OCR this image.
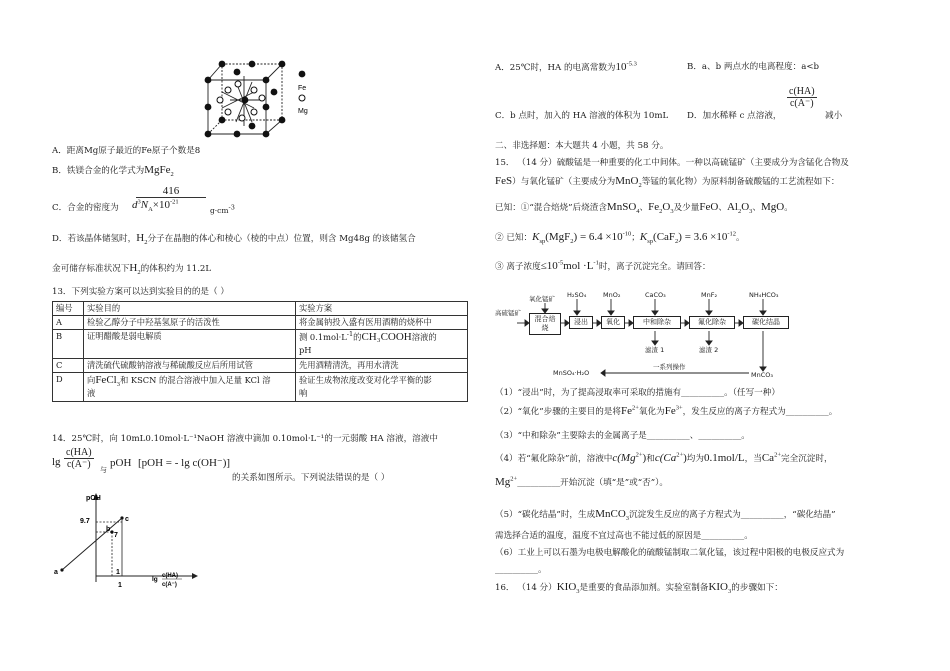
Fe
Mg
A．距离Mg原子最近的Fe原子个数是8
B．铁镁合金的化学式为MgFe$_2$
C．合金的密度为
416
$d^3N_A\times 10^{-21}$
$g\cdot cm^{-3}$
D．若该晶体储氢时，$H_2$分子在晶胞的体心和棱心（棱的中点）位置，则含 Mg48g 的该储氢合
金可储存标准状况下$H_2$的体积约为 11.2L
13．下列实验方案可以达到实验目的的是（ ）
编号	实验目的	实验方案
A	检验乙醇分子中羟基氢原子的活泼性	将金属钠投入盛有医用酒精的烧杯中
B	证明醋酸是弱电解质	测 $0.1mol\cdot L^{-1}$的CH₃COOH溶液的
pH
C	清洗硫代硫酸钠溶液与稀硫酸反应后所用试管	先用酒精清洗，再用水清洗
D	向FeCl$_3$和 KSCN 的混合溶液中加入足量 KCl 溶
液	验证生成物浓度改变对化学平衡的影
响
14．25℃时，向 10mL0.10mol·L⁻¹NaOH 溶液中滴加 0.10mol·L⁻¹的一元弱酸 HA 溶液，溶液中
$\lg \frac{c(HA)}{c(A^-)}$ 与
pOH [pOH = - lg c(OH⁻)]
的关系如图所示。下列说法错误的是（ ）
pOH
9.7
7
1
1
a
b
c
lg c(HA)
c(A⁻)
A．25℃时，HA 的电离常数为$10^{-5.3}$	B．a、b 两点水的电离程度：a<b
C．b 点时，加入的 HA 溶液的体积为 10mL D．加水稀释 c 点溶液，
$\frac{c(HA)}{c(A^-)}$
减小
二、非选择题：本大题共 4 小题，共 58 分。
15． （14 分）硫酸锰是一种重要的化工中间体。一种以高硫锰矿（主要成分为含锰化合物及
FeS）与氧化锰矿（主要成分为MnO$_2$等锰的氧化物）为原料制备硫酸锰的工艺流程如下：
已知：①“混合焙烧”后烧渣含MnSO$_4$、$Fe_2O_3$及少量FeO、$Al_2O_3$、MgO。
② 已知：$K_{sp}(MgF_2) = 6.4 \times 10^{-10}$；$K_{sp}(CaF_2) = 3.6 \times 10^{-12}$。
③ 离子浓度$\le 10^{-5}mol \cdot L^{-1}$时，离子沉淀完全。请回答：
高硫锰矿
氧化锰矿
混合焙烧
浸出	氧化	中和除杂	氟化除杂	碳化结晶
H₂SO₄	MnO₂	CaCO₃	MnF₂	NH₄HCO₃
滤渣 1	滤渣 2
一系列操作
MnSO₄·H₂O	MnCO₃
（1）“浸出”时，为了提高浸取率可采取的措施有__________。（任写一种）
（2）“氧化”步骤的主要目的是将$Fe^{2+}$氧化为$Fe^{3+}$，发生反应的离子方程式为__________。
（3）“中和除杂”主要除去的金属离子是__________、__________。
（4）若“氟化除杂”前，溶液中$c(Mg^{2+})$和$c(Ca^{2+})$均为0.1mol/L，当$Ca^{2+}$完全沉淀时，
$Mg^{2+}\_\_\_\_\_\_\_\_\_\_$开始沉淀（填“是”或“否”）。
（5）“碳化结晶”时，生成MnCO$_3$沉淀发生反应的离子方程式为__________，“碳化结晶”
需选择合适的温度，温度不宜过高也不能过低的原因是__________。
（6）工业上可以石墨为电极电解酸化的硫酸锰制取二氧化锰，该过程中阳极的电极反应式为
__________。
16． （14 分）$KIO_3$是重要的食品添加剂。实验室制备$KIO_3$的步骤如下：
